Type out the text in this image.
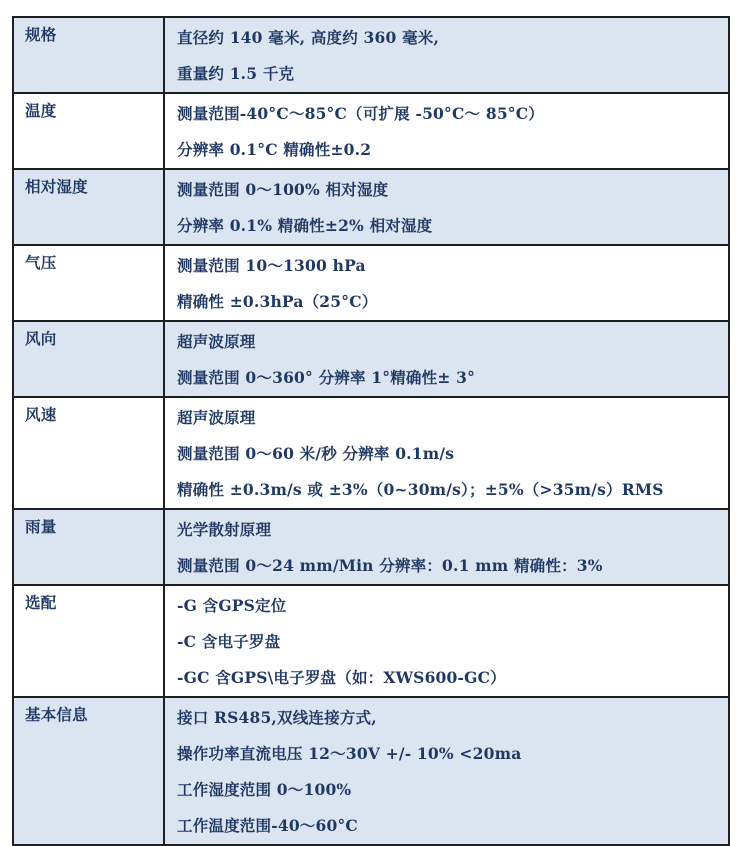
规格	直径约 140 毫米, 高度约 360 毫米,
重量约 1.5 千克

温度	测量范围-40°C～85°C（可扩展 -50°C～ 85°C）
分辨率 0.1°C 精确性±0.2

相对湿度	测量范围 0～100% 相对湿度
分辨率 0.1% 精确性±2% 相对湿度

气压	测量范围 10～1300 hPa
精确性 ±0.3hPa（25°C）

风向	超声波原理
测量范围 0～360° 分辨率 1°精确性± 3°

风速	超声波原理
测量范围 0～60 米/秒 分辨率 0.1m/s
精确性 ±0.3m/s 或 ±3%（0~30m/s）；±5%（>35m/s）RMS

雨量	光学散射原理
测量范围 0～24 mm/Min 分辨率：0.1 mm 精确性：3%

选配	-G 含GPS定位
-C 含电子罗盘
-GC 含GPS\电子罗盘（如：XWS600-GC）

基本信息	接口 RS485,双线连接方式,
操作功率直流电压 12～30V +/- 10% <20ma
工作湿度范围 0～100%
工作温度范围-40～60°C
